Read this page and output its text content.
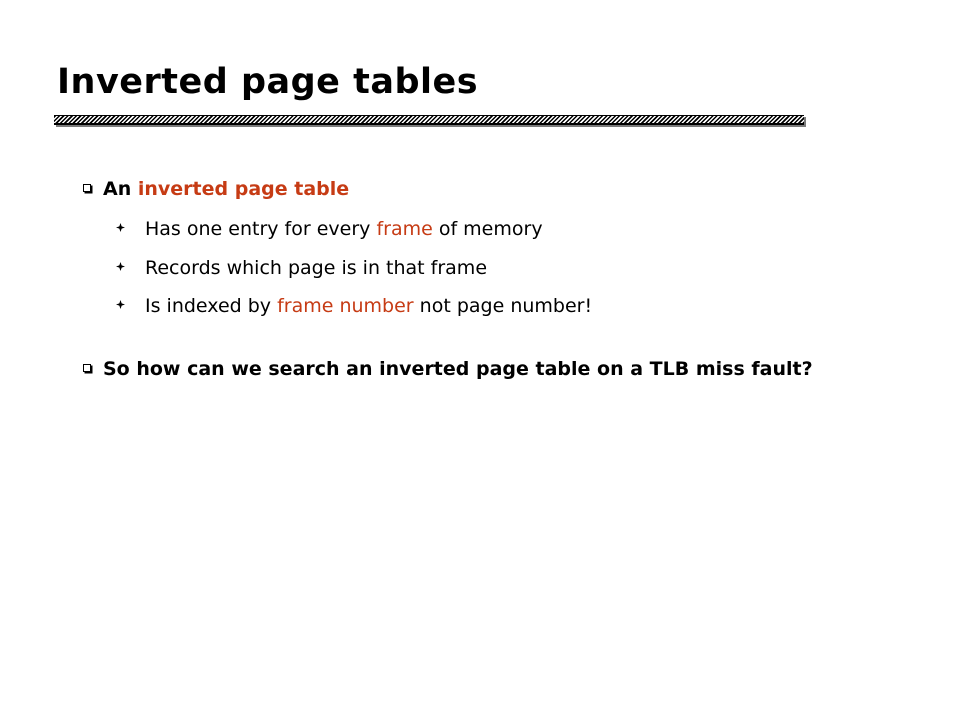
Inverted page tables
An inverted page table
Has one entry for every frame of memory
Records which page is in that frame
Is indexed by frame number not page number!
So how can we search an inverted page table on a TLB miss fault?
